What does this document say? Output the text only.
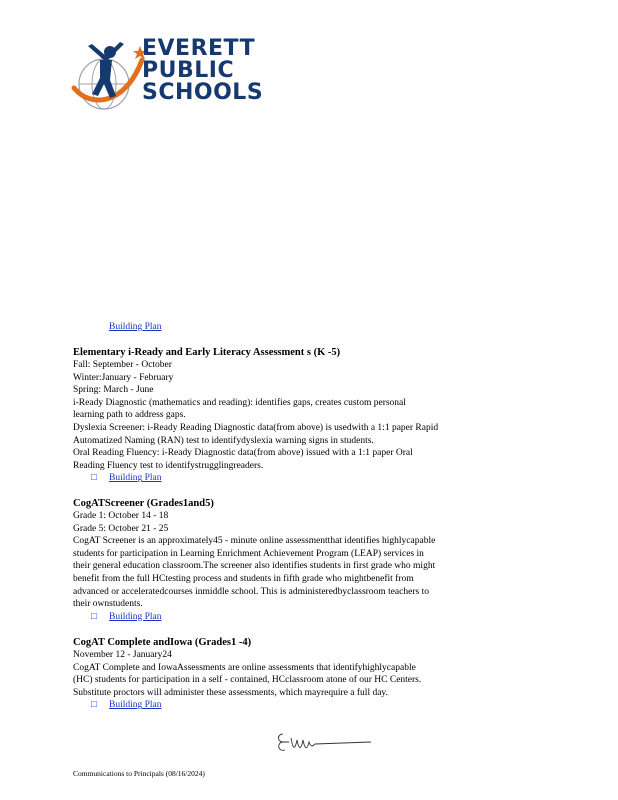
EVERETT
PUBLIC
SCHOOLS
Building Plan
Elementary i-Ready and Early Literacy Assessment s (K -5)
Fall: September - October
Winter:January - February
Spring: March - June
i-Ready Diagnostic (mathematics and reading): identifies gaps, creates custom personal
learning path to address gaps.
Dyslexia Screener: i-Ready Reading Diagnostic data(from above) is usedwith a 1:1 paper Rapid
Automatized Naming (RAN) test to identifydyslexia warning signs in students.
Oral Reading Fluency: i-Ready Diagnostic data(from above) issued with a 1:1 paper Oral
Reading Fluency test to identifystrugglingreaders.
□ Building Plan
CogATScreener (Grades1and5)
Grade 1: October 14 - 18
Grade 5: October 21 - 25
CogAT Screener is an approximately45 - minute online assessmentthat identifies highlycapable
students for participation in Learning Enrichment Achievement Program (LEAP) services in
their general education classroom.The screener also identifies students in first grade who might
benefit from the full HCtesting process and students in fifth grade who mightbenefit from
advanced or acceleratedcourses inmiddle school. This is administeredbyclassroom teachers to
their ownstudents.
□ Building Plan
CogAT Complete andIowa (Grades1 -4)
November 12 - January24
CogAT Complete and IowaAssessments are online assessments that identifyhighlycapable
(HC) students for participation in a self - contained, HCclassroom atone of our HC Centers.
Substitute proctors will administer these assessments, which mayrequire a full day.
□ Building Plan
Communications to Principals (08/16/2024)
